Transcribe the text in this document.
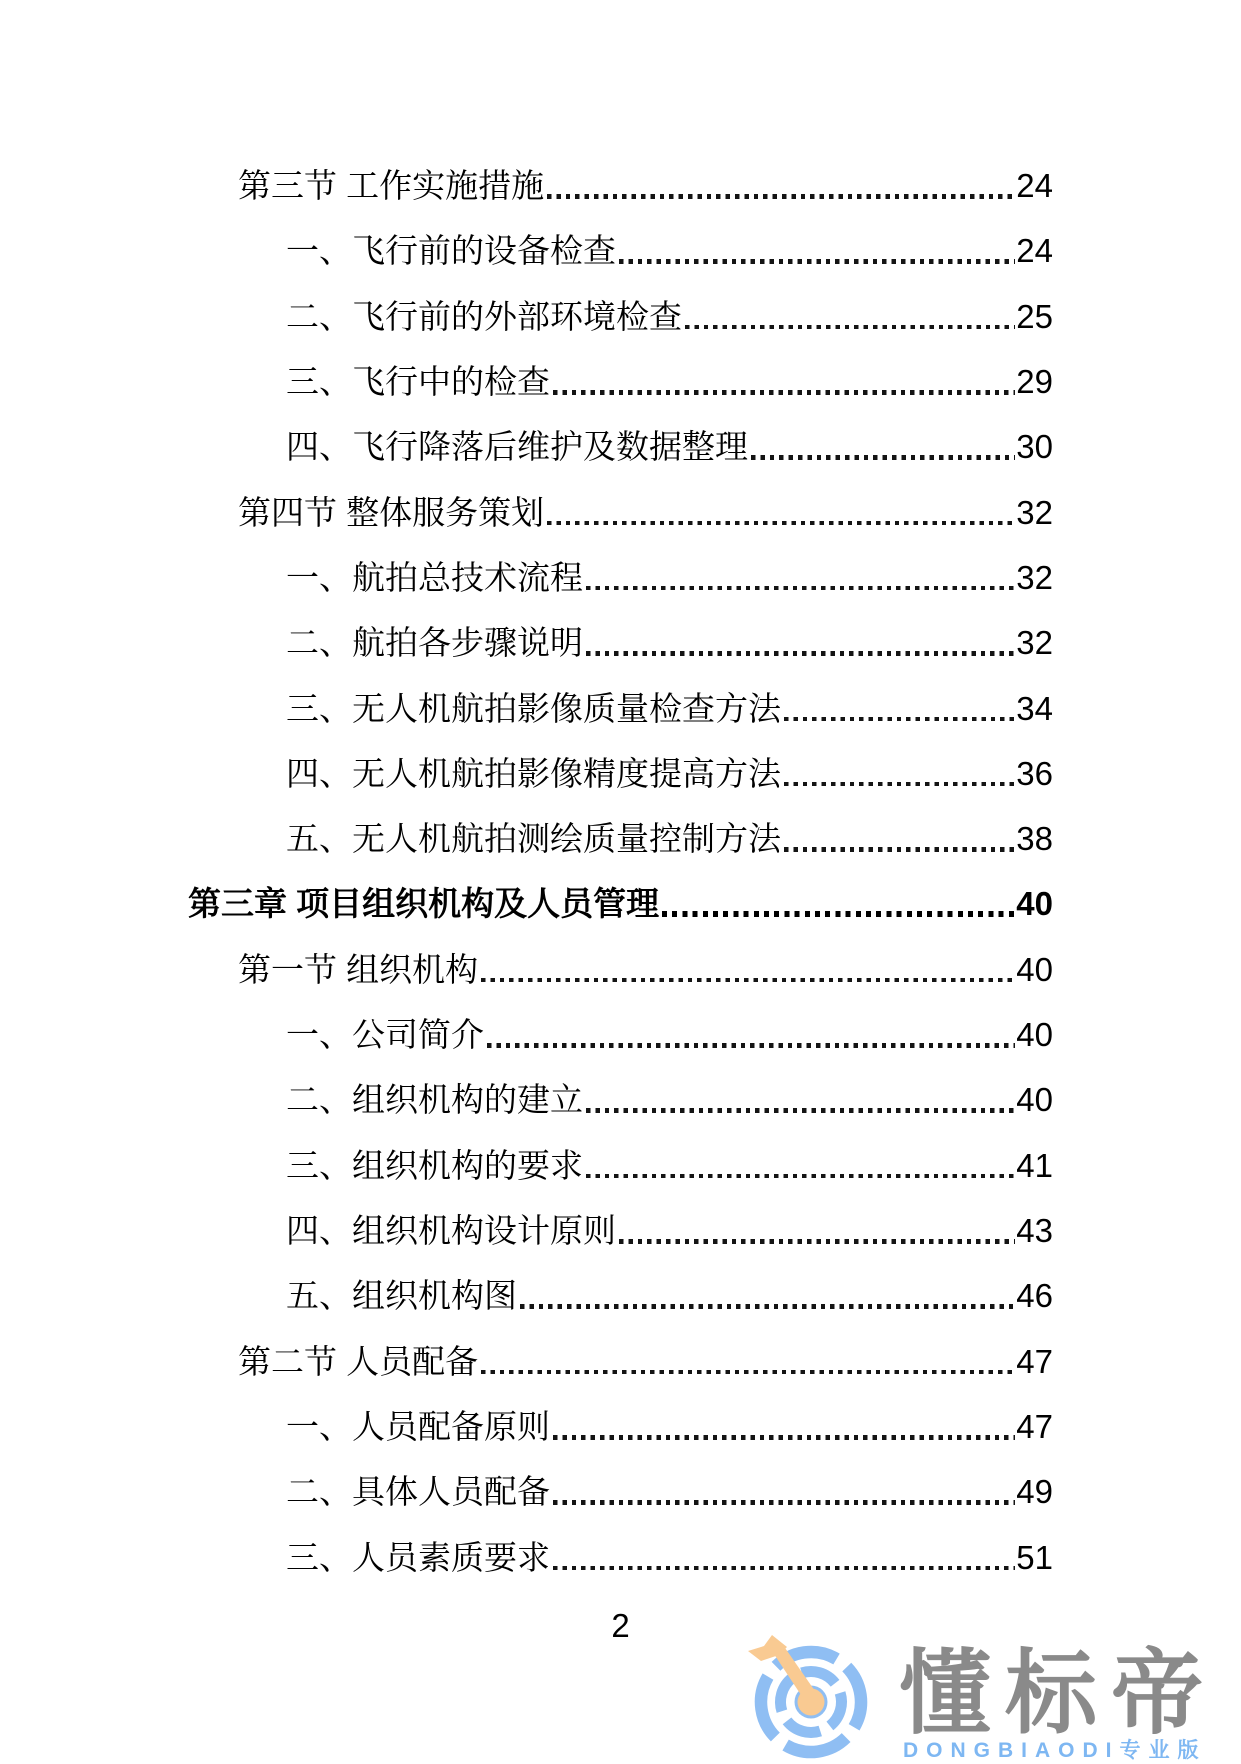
第三节 工作实施措施	24
一、飞行前的设备检查	24
二、飞行前的外部环境检查	25
三、飞行中的检查	29
四、飞行降落后维护及数据整理	30
第四节 整体服务策划	32
一、航拍总技术流程	32
二、航拍各步骤说明	32
三、无人机航拍影像质量检查方法	34
四、无人机航拍影像精度提高方法	36
五、无人机航拍测绘质量控制方法	38
第三章 项目组织机构及人员管理	40
第一节 组织机构	40
一、公司简介	40
二、组织机构的建立	40
三、组织机构的要求	41
四、组织机构设计原则	43
五、组织机构图	46
第二节 人员配备	47
一、人员配备原则	47
二、具体人员配备	49
三、人员素质要求	51
2
懂标帝
DONGBIAODI专业版
